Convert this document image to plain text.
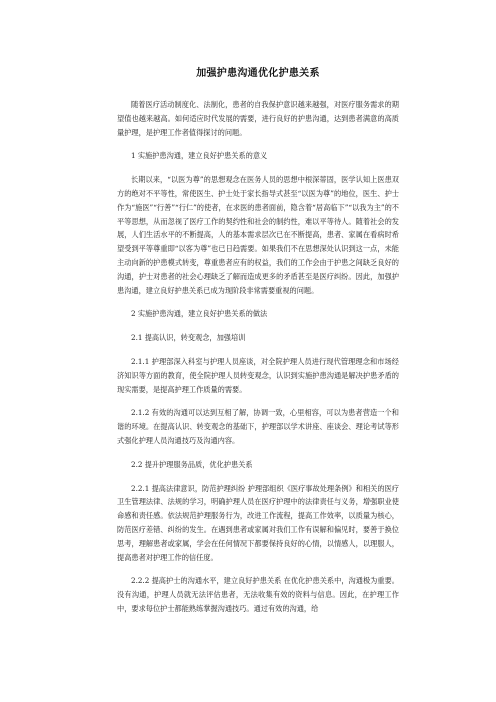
加强护患沟通优化护患关系

随着医疗活动制度化、法制化，患者的自我保护意识越来越强，对医疗服务需求的期望值也越来越高。如何适应时代发展的需要，进行良好的护患沟通，达到患者满意的高质量护理，是护理工作者值得探讨的问题。

1 实施护患沟通，建立良好护患关系的意义

长期以来，“以医为尊”的思想观念在医务人员的思想中根深蒂固，医学认知上医患双方的绝对不平等性，常使医生、护士处于家长指导式甚至“以医为尊”的地位，医生、护士作为“施医”“行善”“行仁”的使者，在求医的患者面前，隐含着“居高临下”“以我为主”的不平等思想，从而忽视了医疗工作的契约性和社会的制约性，难以平等待人。随着社会的发展，人们生活水平的不断提高，人的基本需求层次已在不断提高，患者、家属在看病时希望受到平等尊重即“以客为尊”也已日趋需要。如果我们不在思想深处认识到这一点，未能主动向新的护患模式转变，尊重患者应有的权益，我们的工作会由于护患之间缺乏良好的沟通，护士对患者的社会心理缺乏了解而造成更多的矛盾甚至是医疗纠纷。因此，加强护患沟通，建立良好护患关系已成为现阶段非常需要重视的问题。

2 实施护患沟通，建立良好护患关系的做法

2.1 提高认识，转变观念，加强培训

2.1.1 护理部深入科室与护理人员座谈，对全院护理人员进行现代管理理念和市场经济知识等方面的教育，使全院护理人员转变观念，认识到实施护患沟通是解决护患矛盾的现实需要，是提高护理工作质量的需要。

2.1.2 有效的沟通可以达到互相了解，协调一致，心里相容，可以为患者营造一个和谐的环境。在提高认识、转变观念的基础下，护理部以学术讲座、座谈会、理论考试等形式强化护理人员沟通技巧及沟通内容。

2.2 提升护理服务品质，优化护患关系

2.2.1 提高法律意识，防范护理纠纷 护理部组织《医疗事故处理条例》和相关的医疗卫生管理法律、法规的学习，明确护理人员在医疗护理中的法律责任与义务，增强职业使命感和责任感。依法规范护理服务行为，改进工作流程，提高工作效率，以质量为核心，防范医疗差错、纠纷的发生。在遇到患者或家属对我们工作有误解和偏见时，要善于换位思考，理解患者或家属，学会在任何情况下都要保持良好的心情，以情感人，以理服人，提高患者对护理工作的信任度。

2.2.2 提高护士的沟通水平，建立良好护患关系 在优化护患关系中，沟通极为重要。没有沟通，护理人员就无法评估患者，无法收集有效的资料与信息。因此，在护理工作中，要求每位护士都能熟练掌握沟通技巧。通过有效的沟通，给
